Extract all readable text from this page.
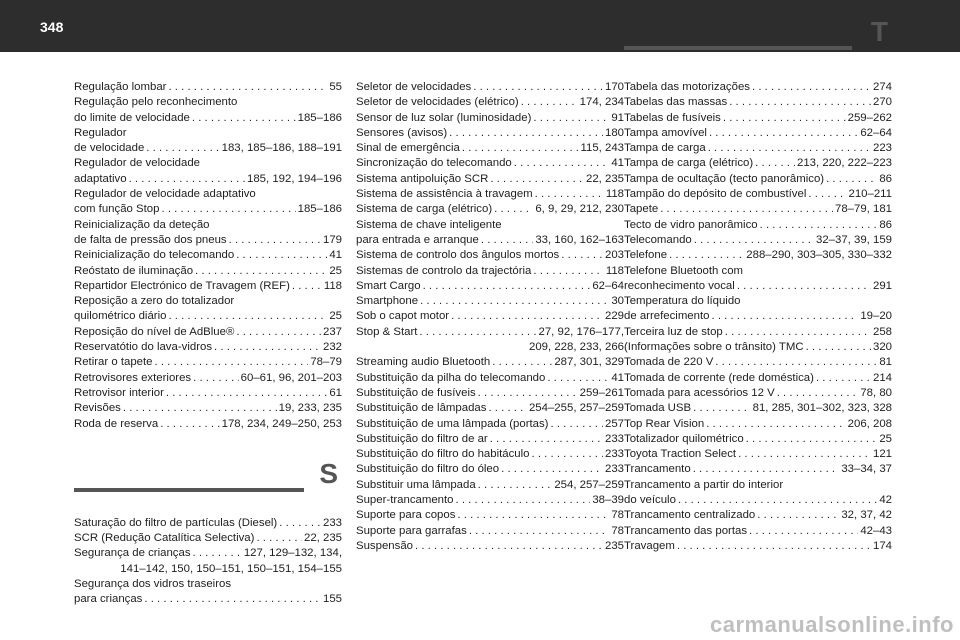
348
Regulação lombar . . .	55
Regulação pelo reconhecimento
do limite de velocidade . . .	185–186
Regulador
de velocidade . . .	183, 185–186, 188–191
Regulador de velocidade
adaptativo . . .	185, 192, 194–196
Regulador de velocidade adaptativo
com função Stop . . .	185–186
Reinicialização da deteção
de falta de pressão dos pneus . . .	179
Reinicialização do telecomando . . .	41
Reóstato de iluminação . . .	25
Repartidor Electrónico de Travagem (REF) . . .	118
Reposição a zero do totalizador
quilométrico diário . . .	25
Reposição do nível de AdBlue® . . .	237
Reservatótio do lava-vidros . . .	232
Retirar o tapete . . .	78–79
Retrovisores exteriores . . .	60–61, 96, 201–203
Retrovisor interior . . .	61
Revisões . . .	19, 233, 235
Roda de reserva . . .	178, 234, 249–250, 253
S
Saturação do filtro de partículas (Diesel) . . .	233
SCR (Redução Catalítica Selectiva) . . .	22, 235
Segurança de crianças . . .	127, 129–132, 134,
141–142, 150, 150–151, 150–151, 154–155
Segurança dos vidros traseiros
para crianças . . .	155
Seletor de velocidades . . .	170
Seletor de velocidades (elétrico) . . .	174, 234
Sensor de luz solar (luminosidade) . . .	91
Sensores (avisos) . . .	180
Sinal de emergência . . .	115, 243
Sincronização do telecomando . . .	41
Sistema antipoluição SCR . . .	22, 235
Sistema de assistência à travagem . . .	118
Sistema de carga (elétrico) . . .	6, 9, 29, 212, 230
Sistema de chave inteligente
para entrada e arranque . . .	33, 160, 162–163
Sistema de controlo dos ângulos mortos . . .	203
Sistemas de controlo da trajectória . . .	118
Smart Cargo . . .	62–64
Smartphone . . .	30
Sob o capot motor . . .	229
Stop & Start . . .	27, 92, 176–177,
209, 228, 233, 266
Streaming audio Bluetooth . . .	287, 301, 329
Substituição da pilha do telecomando . . .	41
Substituição de fusíveis . . .	259–261
Substituição de lâmpadas . . .	254–255, 257–259
Substituição de uma lâmpada (portas) . . .	257
Substituição do filtro de ar . . .	233
Substituição do filtro do habitáculo . . .	233
Substituição do filtro do óleo . . .	233
Substituir uma lâmpada . . .	254, 257–259
Super-trancamento . . .	38–39
Suporte para copos . . .	78
Suporte para garrafas . . .	78
Suspensão . . .	235
T
Tabela das motorizações . . .	274
Tabelas das massas . . .	270
Tabelas de fusíveis . . .	259–262
Tampa amovível . . .	62–64
Tampa de carga . . .	223
Tampa de carga (elétrico) . . .	213, 220, 222–223
Tampa de ocultação (tecto panorâmico) . . .	86
Tampão do depósito de combustível . . .	210–211
Tapete . . .	78–79, 181
Tecto de vidro panorâmico . . .	86
Telecomando . . .	32–37, 39, 159
Telefone . . .	288–290, 303–305, 330–332
Telefone Bluetooth com
reconhecimento vocal . . .	291
Temperatura do líquido
de arrefecimento . . .	19–20
Terceira luz de stop . . .	258
(Informações sobre o trânsito) TMC . . .	320
Tomada de 220 V . . .	81
Tomada de corrente (rede doméstica) . . .	214
Tomada para acessórios 12 V . . .	78, 80
Tomada USB . . .	81, 285, 301–302, 323, 328
Top Rear Vision . . .	206, 208
Totalizador quilométrico . . .	25
Toyota Traction Select . . .	121
Trancamento . . .	33–34, 37
Trancamento a partir do interior
do veículo . . .	42
Trancamento centralizado . . .	32, 37, 42
Trancamento das portas . . .	42–43
Travagem . . .	174
carmanualsonline.info
